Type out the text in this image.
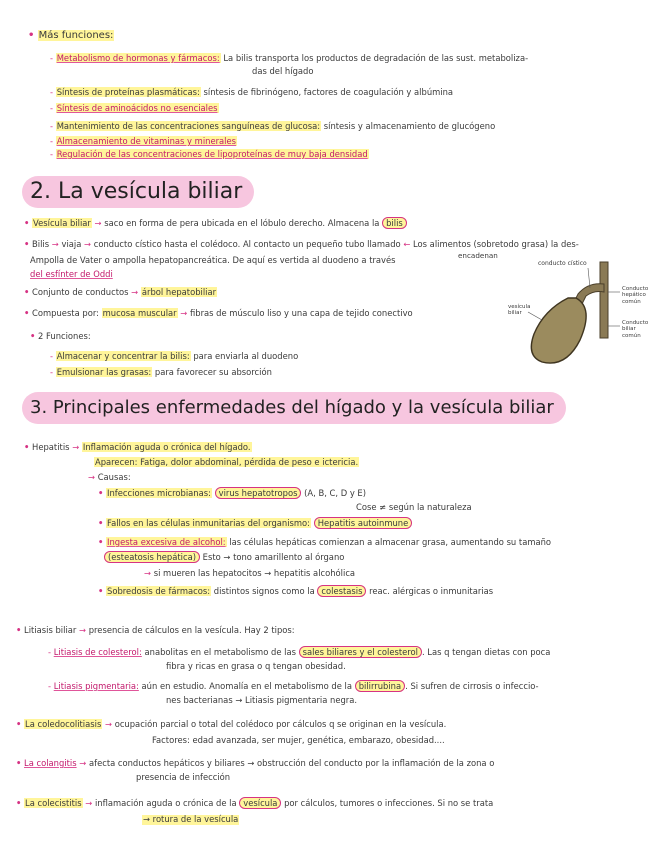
• Más funciones:
- Metabolismo de hormonas y fármacos: La bilis transporta los productos de degradación de las sust. metaboliza-
das del hígado
- Síntesis de proteínas plasmáticas: síntesis de fibrinógeno, factores de coagulación y albúmina
- Síntesis de aminoácidos no esenciales
- Mantenimiento de las concentraciones sanguíneas de glucosa: síntesis y almacenamiento de glucógeno
- Almacenamiento de vitaminas y minerales
- Regulación de las concentraciones de lipoproteínas de muy baja densidad
2. La vesícula biliar
• Vesícula biliar → saco en forma de pera ubicada en el lóbulo derecho. Almacena la bilis
• Bilis → viaja → conducto cístico hasta el colédoco. Al contacto un pequeño tubo llamado ← Los alimentos (sobretodo grasa) la des-
encadenan
Ampolla de Vater o ampolla hepatopancreática. De aquí es vertida al duodeno a través
del esfínter de Oddi
• Conjunto de conductos → árbol hepatobiliar
• Compuesta por: mucosa muscular → fibras de músculo liso y una capa de tejido conectivo
• 2 Funciones:
- Almacenar y concentrar la bilis: para enviarla al duodeno
- Emulsionar las grasas: para favorecer su absorción
conducto cístico
Conducto hepático común
Conducto biliar común
vesícula biliar
3. Principales enfermedades del hígado y la vesícula biliar
• Hepatitis → Inflamación aguda o crónica del hígado.
Aparecen: Fatiga, dolor abdominal, pérdida de peso e ictericia.
→ Causas:
• Infecciones microbianas: virus hepatotropos (A, B, C, D y E)
Cose ≠ según la naturaleza
• Fallos en las células inmunitarias del organismo: Hepatitis autoinmune
• Ingesta excesiva de alcohol: las células hepáticas comienzan a almacenar grasa, aumentando su tamaño
(esteatosis hepática) Esto → tono amarillento al órgano
→ si mueren las hepatocitos → hepatitis alcohólica
• Sobredosis de fármacos: distintos signos como la colestasis reac. alérgicas o inmunitarias
• Litiasis biliar → presencia de cálculos en la vesícula. Hay 2 tipos:
- Litiasis de colesterol: anabolitas en el metabolismo de las sales biliares y el colesterol . Las q tengan dietas con poca
fibra y ricas en grasa o q tengan obesidad.
- Litiasis pigmentaria: aún en estudio. Anomalía en el metabolismo de la bilirrubina . Si sufren de cirrosis o infeccio-
nes bacterianas → Litiasis pigmentaria negra.
• La coledocolitiasis → ocupación parcial o total del colédoco por cálculos q se originan en la vesícula.
Factores: edad avanzada, ser mujer, genética, embarazo, obesidad....
• La colangitis → afecta conductos hepáticos y biliares → obstrucción del conducto por la inflamación de la zona o
presencia de infección
• La colecistitis → inflamación aguda o crónica de la vesícula por cálculos, tumores o infecciones. Si no se trata
→ rotura de la vesícula
